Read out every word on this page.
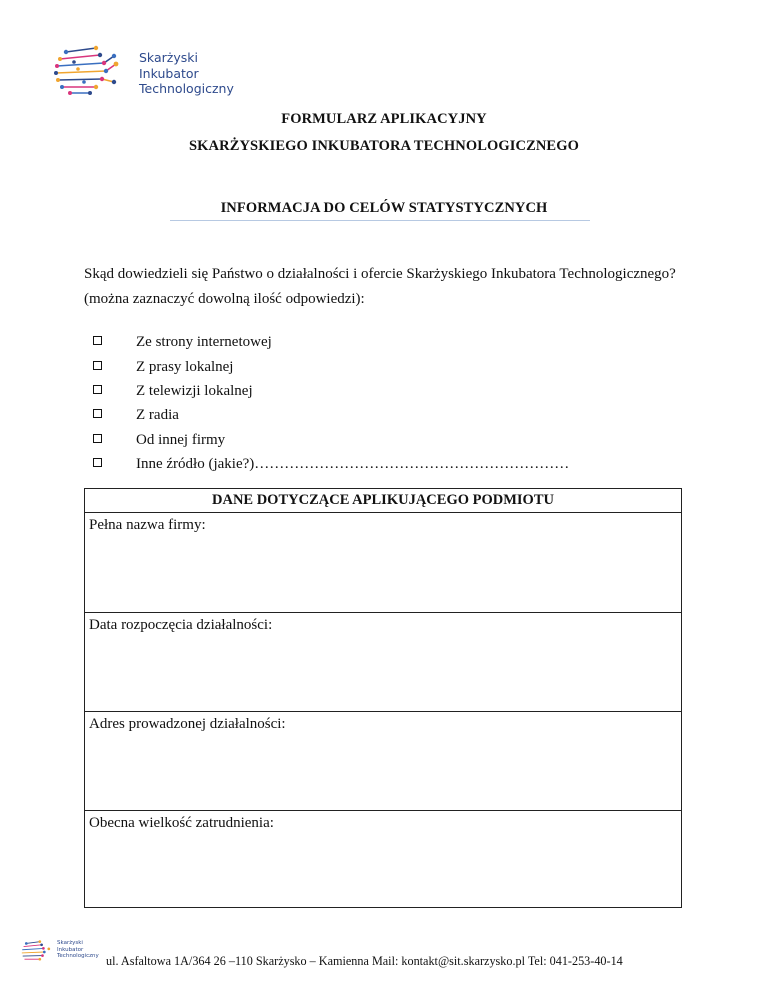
Skarżyski
Inkubator
Technologiczny
FORMULARZ APLIKACYJNY
SKARŻYSKIEGO INKUBATORA TECHNOLOGICZNEGO
INFORMACJA DO CELÓW STATYSTYCZNYCH
Skąd dowiedzieli się Państwo o działalności i ofercie Skarżyskiego Inkubatora Technologicznego? (można zaznaczyć dowolną ilość odpowiedzi):
Ze strony internetowej
Z prasy lokalnej
Z telewizji lokalnej
Z radia
Od innej firmy
Inne źródło (jakie?)………………………………………………………
DANE DOTYCZĄCE APLIKUJĄCEGO PODMIOTU
Pełna nazwa firmy:
Data rozpoczęcia działalności:
Adres prowadzonej działalności:
Obecna wielkość zatrudnienia:
Skarżyski
Inkubator
Technologiczny ul. Asfaltowa 1A/364 26 –110 Skarżysko – Kamienna Mail: kontakt@sit.skarzysko.pl Tel: 041-253-40-14
